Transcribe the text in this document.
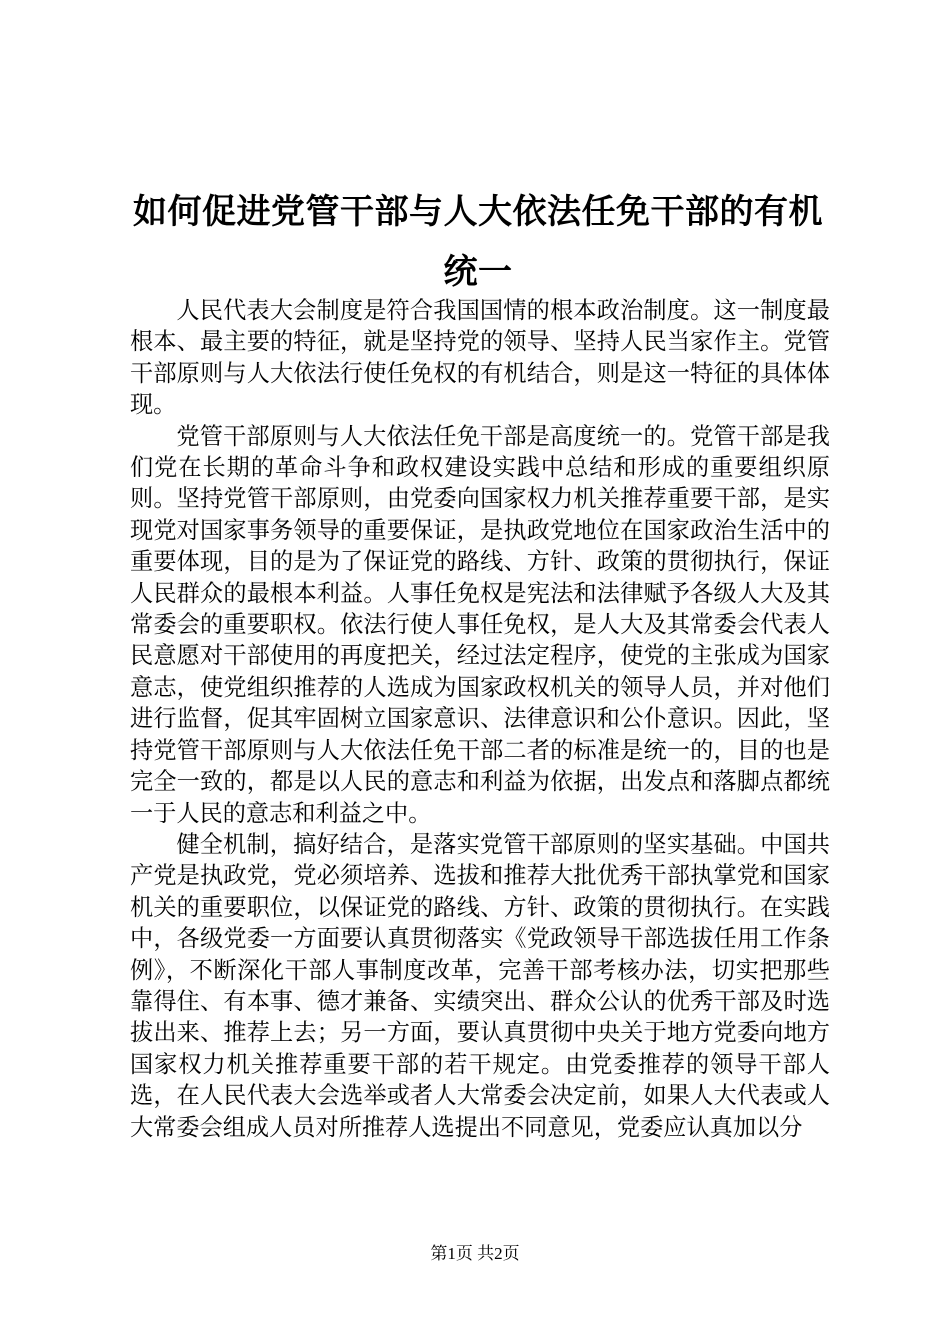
如何促进党管干部与人大依法任免干部的有机统一

人民代表大会制度是符合我国国情的根本政治制度。这一制度最根本、最主要的特征，就是坚持党的领导、坚持人民当家作主。党管干部原则与人大依法行使任免权的有机结合，则是这一特征的具体体现。

党管干部原则与人大依法任免干部是高度统一的。党管干部是我们党在长期的革命斗争和政权建设实践中总结和形成的重要组织原则。坚持党管干部原则，由党委向国家权力机关推荐重要干部，是实现党对国家事务领导的重要保证，是执政党地位在国家政治生活中的重要体现，目的是为了保证党的路线、方针、政策的贯彻执行，保证人民群众的最根本利益。人事任免权是宪法和法律赋予各级人大及其常委会的重要职权。依法行使人事任免权，是人大及其常委会代表人民意愿对干部使用的再度把关，经过法定程序，使党的主张成为国家意志，使党组织推荐的人选成为国家政权机关的领导人员，并对他们进行监督，促其牢固树立国家意识、法律意识和公仆意识。因此，坚持党管干部原则与人大依法任免干部二者的标准是统一的，目的也是完全一致的，都是以人民的意志和利益为依据，出发点和落脚点都统一于人民的意志和利益之中。

健全机制，搞好结合，是落实党管干部原则的坚实基础。中国共产党是执政党，党必须培养、选拔和推荐大批优秀干部执掌党和国家机关的重要职位，以保证党的路线、方针、政策的贯彻执行。在实践中，各级党委一方面要认真贯彻落实《党政领导干部选拔任用工作条例》，不断深化干部人事制度改革，完善干部考核办法，切实把那些靠得住、有本事、德才兼备、实绩突出、群众公认的优秀干部及时选拔出来、推荐上去；另一方面，要认真贯彻中央关于地方党委向地方国家权力机关推荐重要干部的若干规定。由党委推荐的领导干部人选，在人民代表大会选举或者人大常委会决定前，如果人大代表或人大常委会组成人员对所推荐人选提出不同意见，党委应认真加以分

第1页 共2页
